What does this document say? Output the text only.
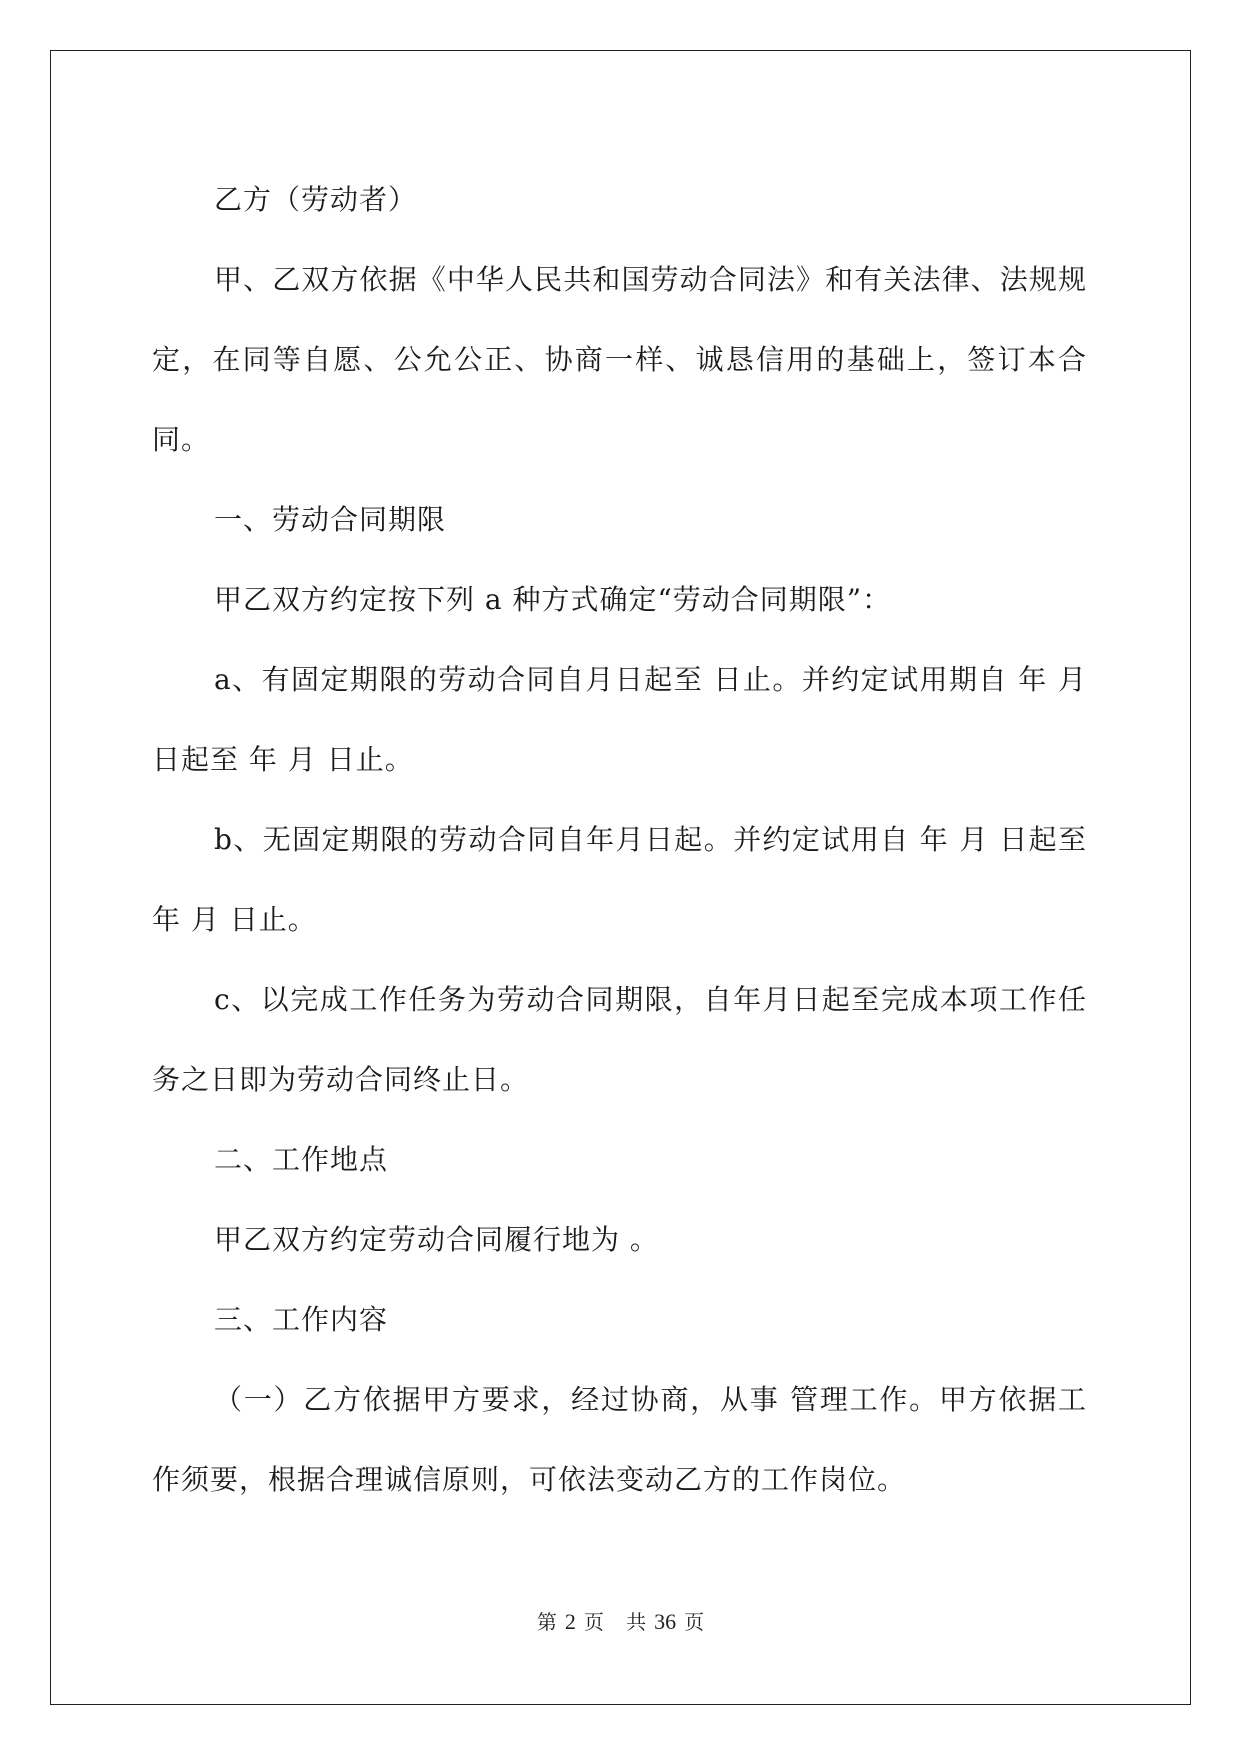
乙方（劳动者）

甲、乙双方依据《中华人民共和国劳动合同法》和有关法律、法规规定，在同等自愿、公允公正、协商一样、诚恳信用的基础上，签订本合同。

一、劳动合同期限

甲乙双方约定按下列 a 种方式确定“劳动合同期限”：

a、有固定期限的劳动合同自月日起至 日止。并约定试用期自 年 月 日起至 年 月 日止。

b、无固定期限的劳动合同自年月日起。并约定试用自 年 月 日起至 年 月 日止。

c、以完成工作任务为劳动合同期限，自年月日起至完成本项工作任务之日即为劳动合同终止日。

二、工作地点

甲乙双方约定劳动合同履行地为 。

三、工作内容

（一）乙方依据甲方要求，经过协商，从事 管理工作。甲方依据工作须要，根据合理诚信原则，可依法变动乙方的工作岗位。

第 2 页 共 36 页
